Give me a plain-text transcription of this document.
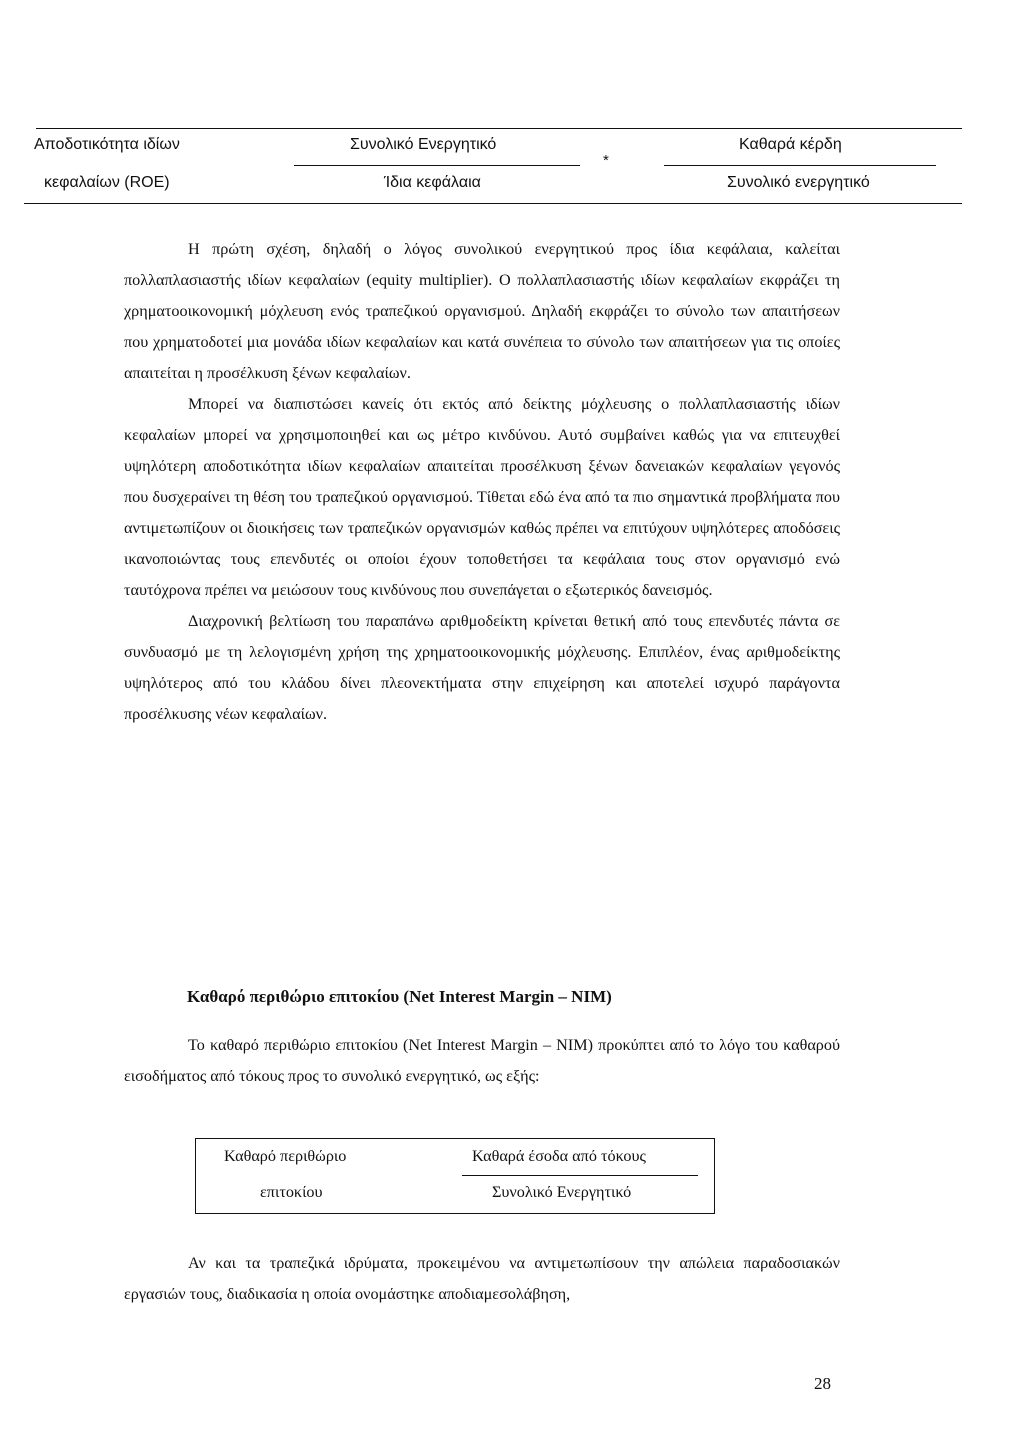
Αποδοτικότητα ιδίων
κεφαλαίων (ROE)
Συνολικό Ενεργητικό
Ίδια κεφάλαια
*
Καθαρά κέρδη
Συνολικό ενεργητικό

Η πρώτη σχέση, δηλαδή ο λόγος συνολικού ενεργητικού προς ίδια κεφάλαια, καλείται πολλαπλασιαστής ιδίων κεφαλαίων (equity multiplier). Ο πολλαπλασιαστής ιδίων κεφαλαίων εκφράζει τη χρηματοοικονομική μόχλευση ενός τραπεζικού οργανισμού. Δηλαδή εκφράζει το σύνολο των απαιτήσεων που χρηματοδοτεί μια μονάδα ιδίων κεφαλαίων και κατά συνέπεια το σύνολο των απαιτήσεων για τις οποίες απαιτείται η προσέλκυση ξένων κεφαλαίων.

Μπορεί να διαπιστώσει κανείς ότι εκτός από δείκτης μόχλευσης ο πολλαπλασιαστής ιδίων κεφαλαίων μπορεί να χρησιμοποιηθεί και ως μέτρο κινδύνου. Αυτό συμβαίνει καθώς για να επιτευχθεί υψηλότερη αποδοτικότητα ιδίων κεφαλαίων απαιτείται προσέλκυση ξένων δανειακών κεφαλαίων γεγονός που δυσχεραίνει τη θέση του τραπεζικού οργανισμού. Τίθεται εδώ ένα από τα πιο σημαντικά προβλήματα που αντιμετωπίζουν οι διοικήσεις των τραπεζικών οργανισμών καθώς πρέπει να επιτύχουν υψηλότερες αποδόσεις ικανοποιώντας τους επενδυτές οι οποίοι έχουν τοποθετήσει τα κεφάλαια τους στον οργανισμό ενώ ταυτόχρονα πρέπει να μειώσουν τους κινδύνους που συνεπάγεται ο εξωτερικός δανεισμός.

Διαχρονική βελτίωση του παραπάνω αριθμοδείκτη κρίνεται θετική από τους επενδυτές πάντα σε συνδυασμό με τη λελογισμένη χρήση της χρηματοοικονομικής μόχλευσης. Επιπλέον, ένας αριθμοδείκτης υψηλότερος από του κλάδου δίνει πλεονεκτήματα στην επιχείρηση και αποτελεί ισχυρό παράγοντα προσέλκυσης νέων κεφαλαίων.

Καθαρό περιθώριο επιτοκίου (Net Interest Margin – NIM)

Το καθαρό περιθώριο επιτοκίου (Net Interest Margin – NIM) προκύπτει από το λόγο του καθαρού εισοδήματος από τόκους προς το συνολικό ενεργητικό, ως εξής:

Καθαρό περιθώριο
επιτοκίου
Καθαρά έσοδα από τόκους
Συνολικό Ενεργητικό

Αν και τα τραπεζικά ιδρύματα, προκειμένου να αντιμετωπίσουν την απώλεια παραδοσιακών εργασιών τους, διαδικασία η οποία ονομάστηκε αποδιαμεσολάβηση,

28
